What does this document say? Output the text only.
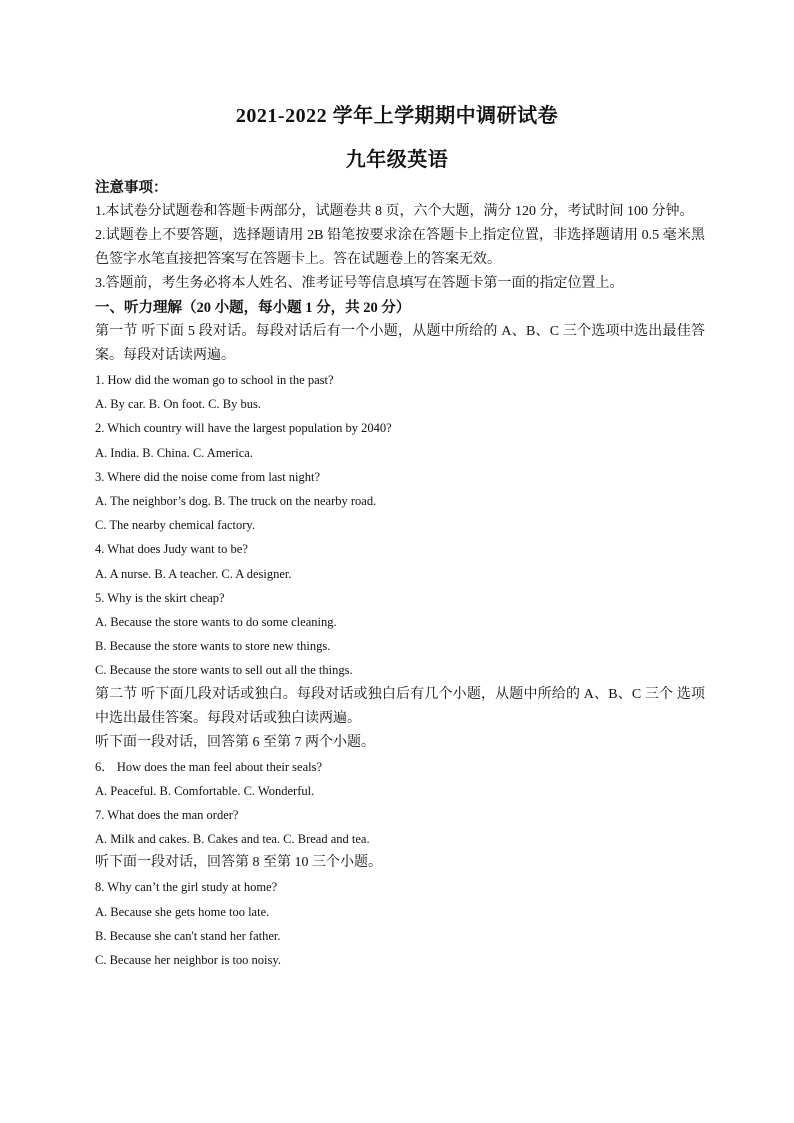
2021-2022 学年上学期期中调研试卷
九年级英语

注意事项：

1.本试卷分试题卷和答题卡两部分，试题卷共 8 页，六个大题，满分 120 分，考试时间 100 分钟。

2.试题卷上不要答题，选择题请用 2B 铅笔按要求涂在答题卡上指定位置，非选择题请用 0.5 毫米黑色签字水笔直接把答案写在答题卡上。答在试题卷上的答案无效。

3.答题前，考生务必将本人姓名、准考证号等信息填写在答题卡第一面的指定位置上。

一、听力理解（20 小题，每小题 1 分，共 20 分）

第一节 听下面 5 段对话。每段对话后有一个小题，从题中所给的 A、B、C 三个选项中选出最佳答案。每段对话读两遍。

1. How did the woman go to school in the past?

A. By car. B. On foot. C. By bus.

2. Which country will have the largest population by 2040?

A. India. B. China. C. America.

3. Where did the noise come from last night?

A. The neighbor’s dog. B. The truck on the nearby road.

C. The nearby chemical factory.

4. What does Judy want to be?

A. A nurse. B. A teacher. C. A designer.

5. Why is the skirt cheap?

A. Because the store wants to do some cleaning.

B. Because the store wants to store new things.

C. Because the store wants to sell out all the things.

第二节 听下面几段对话或独白。每段对话或独白后有几个小题，从题中所给的 A、B、C 三个 选项中选出最佳答案。每段对话或独白读两遍。

听下面一段对话，回答第 6 至第 7 两个小题。

6． How does the man feel about their seals?

A. Peaceful. B. Comfortable. C. Wonderful.

7. What does the man order?

A. Milk and cakes. B. Cakes and tea. C. Bread and tea.

听下面一段对话，回答第 8 至第 10 三个小题。

8. Why can’t the girl study at home?

A. Because she gets home too late.

B. Because she can't stand her father.

C. Because her neighbor is too noisy.
